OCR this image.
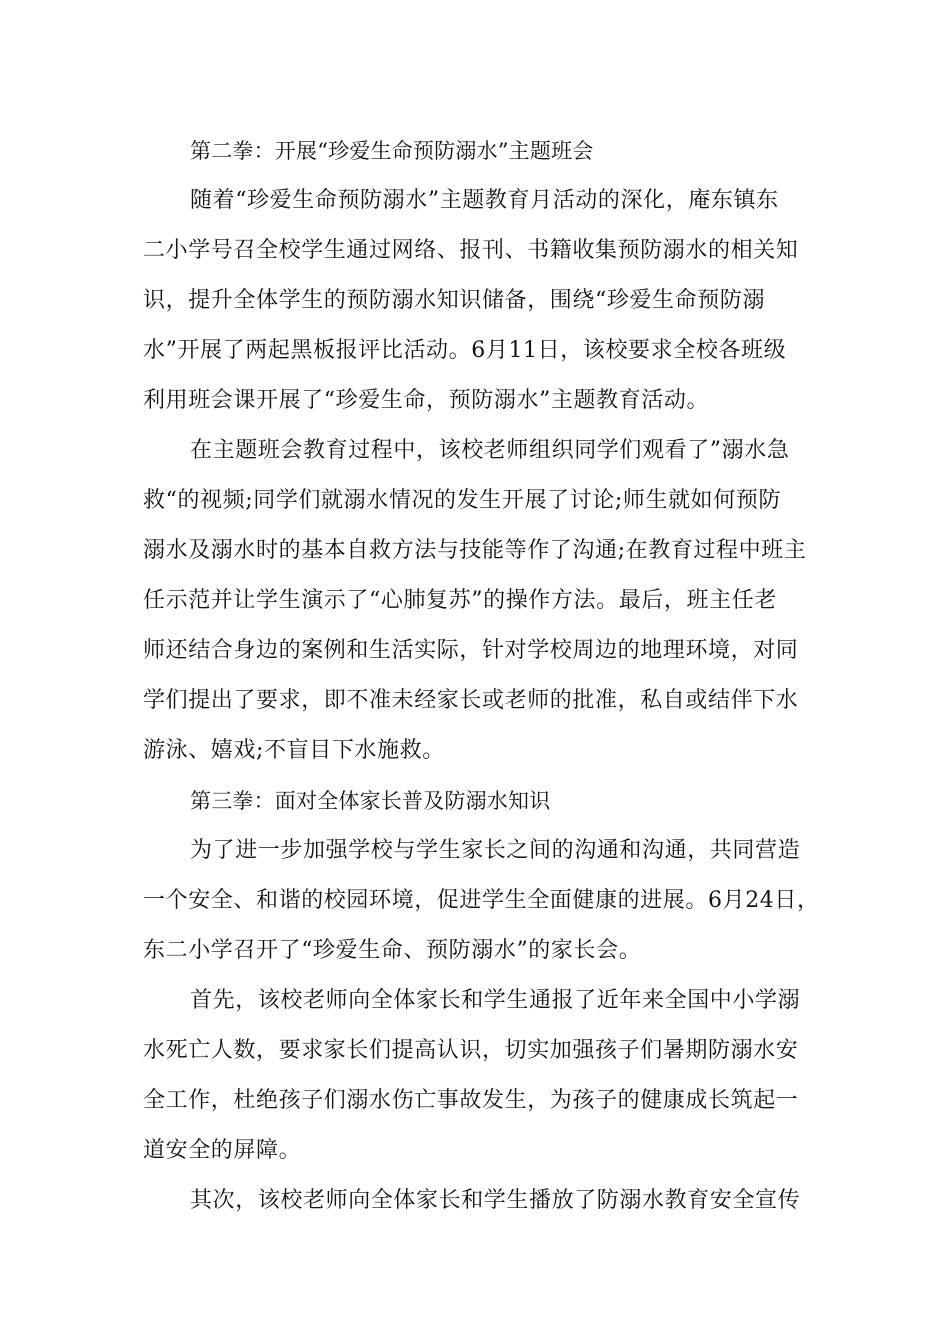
第二拳：开展“珍爱生命预防溺水”主题班会
随着“珍爱生命预防溺水”主题教育月活动的深化，庵东镇东
二小学号召全校学生通过网络、报刊、书籍收集预防溺水的相关知
识，提升全体学生的预防溺水知识储备，围绕“珍爱生命预防溺
水”开展了两起黑板报评比活动。6月11日，该校要求全校各班级
利用班会课开展了“珍爱生命，预防溺水”主题教育活动。
在主题班会教育过程中，该校老师组织同学们观看了”溺水急
救“的视频;同学们就溺水情况的发生开展了讨论;师生就如何预防
溺水及溺水时的基本自救方法与技能等作了沟通;在教育过程中班主
任示范并让学生演示了“心肺复苏”的操作方法。最后，班主任老
师还结合身边的案例和生活实际，针对学校周边的地理环境，对同
学们提出了要求，即不准未经家长或老师的批准，私自或结伴下水
游泳、嬉戏;不盲目下水施救。
第三拳：面对全体家长普及防溺水知识
为了进一步加强学校与学生家长之间的沟通和沟通，共同营造
一个安全、和谐的校园环境，促进学生全面健康的进展。6月24日，
东二小学召开了“珍爱生命、预防溺水”的家长会。
首先，该校老师向全体家长和学生通报了近年来全国中小学溺
水死亡人数，要求家长们提高认识，切实加强孩子们暑期防溺水安
全工作，杜绝孩子们溺水伤亡事故发生，为孩子的健康成长筑起一
道安全的屏障。
其次，该校老师向全体家长和学生播放了防溺水教育安全宣传
